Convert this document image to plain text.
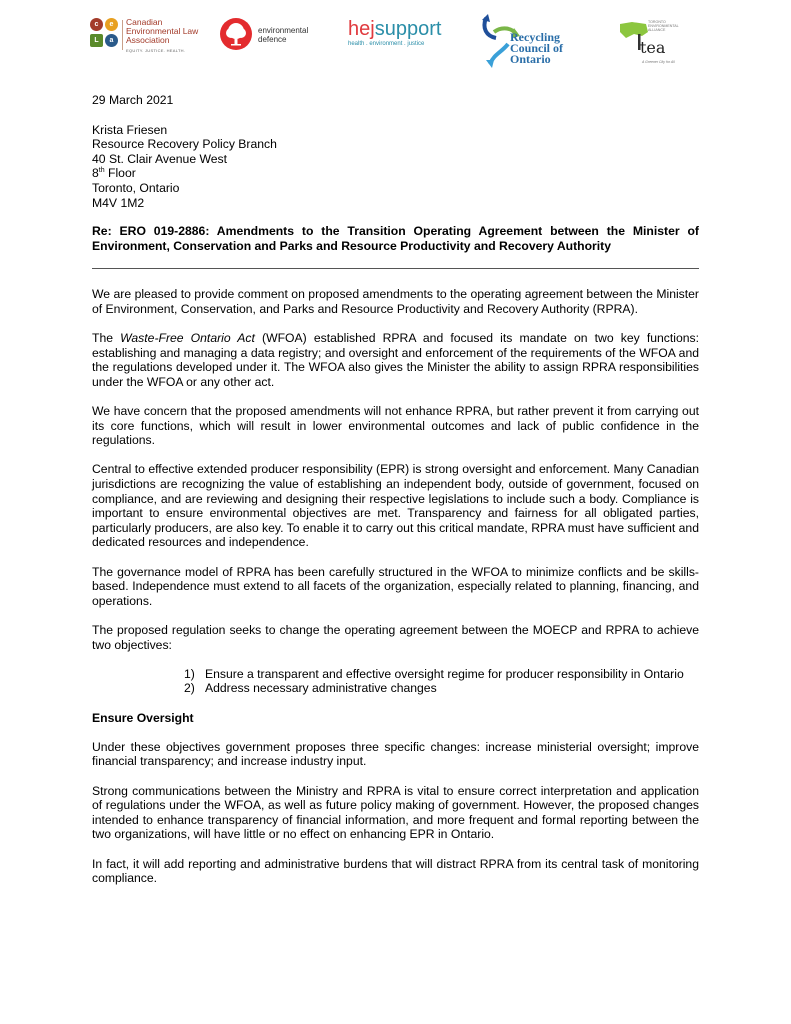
c	e
L	a
Canadian
Environmental Law
Association
EQUITY. JUSTICE. HEALTH.
environmental
defence	hejsupport
health . environment . justice	Recycling
Council of
Ontario
TORONTO
ENVIRONMENTAL
ALLIANCE
tea
A Greener City for All
29 March 2021
Krista Friesen
Resource Recovery Policy Branch
40 St. Clair Avenue West
8th Floor
Toronto, Ontario
M4V 1M2
Re: ERO 019-2886: Amendments to the Transition Operating Agreement between the Minister of Environment, Conservation and Parks and Resource Productivity and Recovery Authority

We are pleased to provide comment on proposed amendments to the operating agreement between the Minister of Environment, Conservation, and Parks and Resource Productivity and Recovery Authority (RPRA).

The Waste-Free Ontario Act (WFOA) established RPRA and focused its mandate on two key functions: establishing and managing a data registry; and oversight and enforcement of the requirements of the WFOA and the regulations developed under it. The WFOA also gives the Minister the ability to assign RPRA responsibilities under the WFOA or any other act.

We have concern that the proposed amendments will not enhance RPRA, but rather prevent it from carrying out its core functions, which will result in lower environmental outcomes and lack of public confidence in the regulations.

Central to effective extended producer responsibility (EPR) is strong oversight and enforcement. Many Canadian jurisdictions are recognizing the value of establishing an independent body, outside of government, focused on compliance, and are reviewing and designing their respective legislations to include such a body. Compliance is important to ensure environmental objectives are met. Transparency and fairness for all obligated parties, particularly producers, are also key. To enable it to carry out this critical mandate, RPRA must have sufficient and dedicated resources and independence.

The governance model of RPRA has been carefully structured in the WFOA to minimize conflicts and be skills-based. Independence must extend to all facets of the organization, especially related to planning, financing, and operations.

The proposed regulation seeks to change the operating agreement between the MOECP and RPRA to achieve two objectives:

1) Ensure a transparent and effective oversight regime for producer responsibility in Ontario
2) Address necessary administrative changes
Ensure Oversight

Under these objectives government proposes three specific changes: increase ministerial oversight; improve financial transparency; and increase industry input.

Strong communications between the Ministry and RPRA is vital to ensure correct interpretation and application of regulations under the WFOA, as well as future policy making of government. However, the proposed changes intended to enhance transparency of financial information, and more frequent and formal reporting between the two organizations, will have little or no effect on enhancing EPR in Ontario.

In fact, it will add reporting and administrative burdens that will distract RPRA from its central task of monitoring compliance.
